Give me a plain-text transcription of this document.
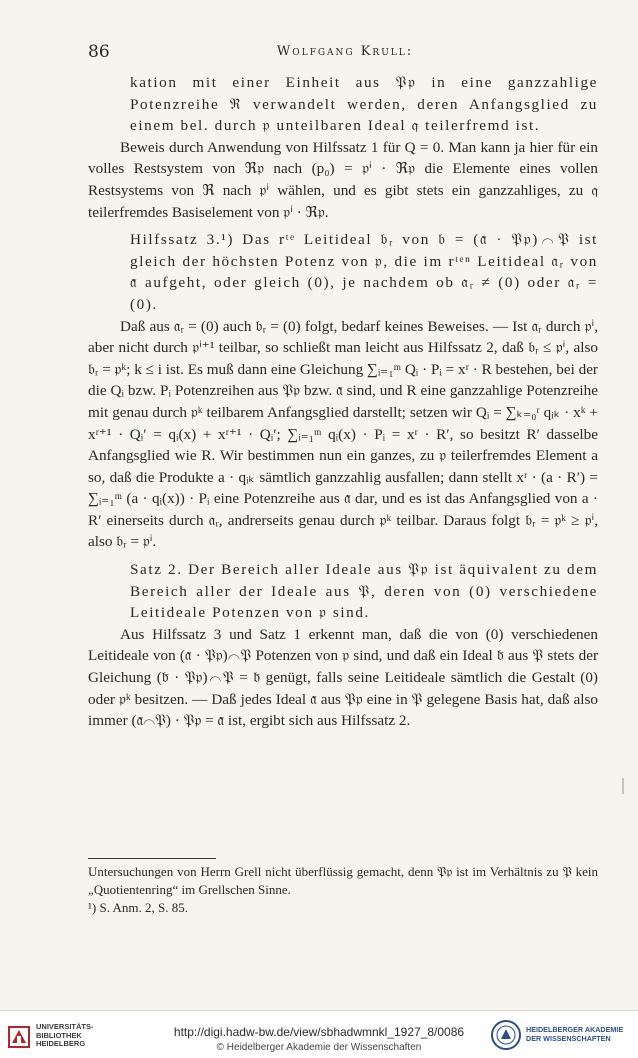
86	Wolfgang Krull:

kation mit einer Einheit aus 𝔓𝔭 in eine ganzzahlige Potenzreihe ℜ verwandelt werden, deren Anfangsglied zu einem bel. durch 𝔭 unteilbaren Ideal 𝔮 teilerfremd ist.

Beweis durch Anwendung von Hilfssatz 1 für Q = 0. Man kann ja hier für ein volles Restsystem von ℜ𝔭 nach (p₀) = 𝔭ⁱ · ℜ𝔭 die Elemente eines vollen Restsystems von ℜ nach 𝔭ⁱ wählen, und es gibt stets ein ganzzahliges, zu 𝔮 teilerfremdes Basiselement von 𝔭ⁱ · ℜ𝔭.

Hilfssatz 3.¹) Das rᵗᵉ Leitideal 𝔟ᵣ von 𝔟 = (𝔞̄ · 𝔓𝔭)⌒𝔓 ist gleich der höchsten Potenz von 𝔭, die im rᵗᵉⁿ Leitideal 𝔞ᵣ von 𝔞̄ aufgeht, oder gleich (0), je nachdem ob 𝔞ᵣ ≠ (0) oder 𝔞ᵣ = (0).

Daß aus 𝔞ᵣ = (0) auch 𝔟ᵣ = (0) folgt, bedarf keines Beweises. — Ist 𝔞ᵣ durch 𝔭ⁱ, aber nicht durch 𝔭ⁱ⁺¹ teilbar, so schließt man leicht aus Hilfssatz 2, daß 𝔟ᵣ ≤ 𝔭ⁱ, also 𝔟ᵣ = 𝔭ᵏ; k ≤ i ist. Es muß dann eine Gleichung ∑ᵢ₌₁ᵐ Qᵢ · Pᵢ = xʳ · R bestehen, bei der die Qᵢ bzw. Pᵢ Potenzreihen aus 𝔓𝔭 bzw. 𝔞̄ sind, und R eine ganzzahlige Potenzreihe mit genau durch 𝔭ᵏ teilbarem Anfangsglied darstellt; setzen wir Qᵢ = ∑ₖ₌₀ʳ qᵢₖ · xᵏ + xʳ⁺¹ · Qᵢ′ = qᵢ(x) + xʳ⁺¹ · Qᵢ′; ∑ᵢ₌₁ᵐ qᵢ(x) · Pᵢ = xʳ · R′, so besitzt R′ dasselbe Anfangsglied wie R. Wir bestimmen nun ein ganzes, zu 𝔭 teilerfremdes Element a so, daß die Produkte a · qᵢₖ sämtlich ganzzahlig ausfallen; dann stellt xʳ · (a · R′) = ∑ᵢ₌₁ᵐ (a · qᵢ(x)) · Pᵢ eine Potenzreihe aus 𝔞̄ dar, und es ist das Anfangsglied von a · R′ einerseits durch 𝔞ᵣ, andrerseits genau durch 𝔭ᵏ teilbar. Daraus folgt 𝔟ᵣ = 𝔭ᵏ ≥ 𝔭ⁱ, also 𝔟ᵣ = 𝔭ⁱ.

Satz 2. Der Bereich aller Ideale aus 𝔓𝔭 ist äquivalent zu dem Bereich aller der Ideale aus 𝔓, deren von (0) verschiedene Leitideale Potenzen von 𝔭 sind.

Aus Hilfssatz 3 und Satz 1 erkennt man, daß die von (0) verschiedenen Leitideale von (𝔞̄ · 𝔓𝔭)⌒𝔓 Potenzen von 𝔭 sind, und daß ein Ideal 𝔟̄ aus 𝔓 stets der Gleichung (𝔟̄ · 𝔓𝔭)⌒𝔓 = 𝔟̄ genügt, falls seine Leitideale sämtlich die Gestalt (0) oder 𝔭ᵏ besitzen. — Daß jedes Ideal 𝔞̄ aus 𝔓𝔭 eine in 𝔓 gelegene Basis hat, daß also immer (𝔞̄⌒𝔓) · 𝔓𝔭 = 𝔞̄ ist, ergibt sich aus Hilfssatz 2.

Untersuchungen von Herrn Grell nicht überflüssig gemacht, denn 𝔓𝔭 ist im Verhältnis zu 𝔓 kein „Quotientenring“ im Grellschen Sinne.

¹) S. Anm. 2, S. 85.

UNIVERSITÄTS-
BIBLIOTHEK
HEIDELBERG
http://digi.hadw-bw.de/view/sbhadwmnkl_1927_8/0086
© Heidelberger Akademie der Wissenschaften
HEIDELBERGER AKADEMIE
DER WISSENSCHAFTEN
